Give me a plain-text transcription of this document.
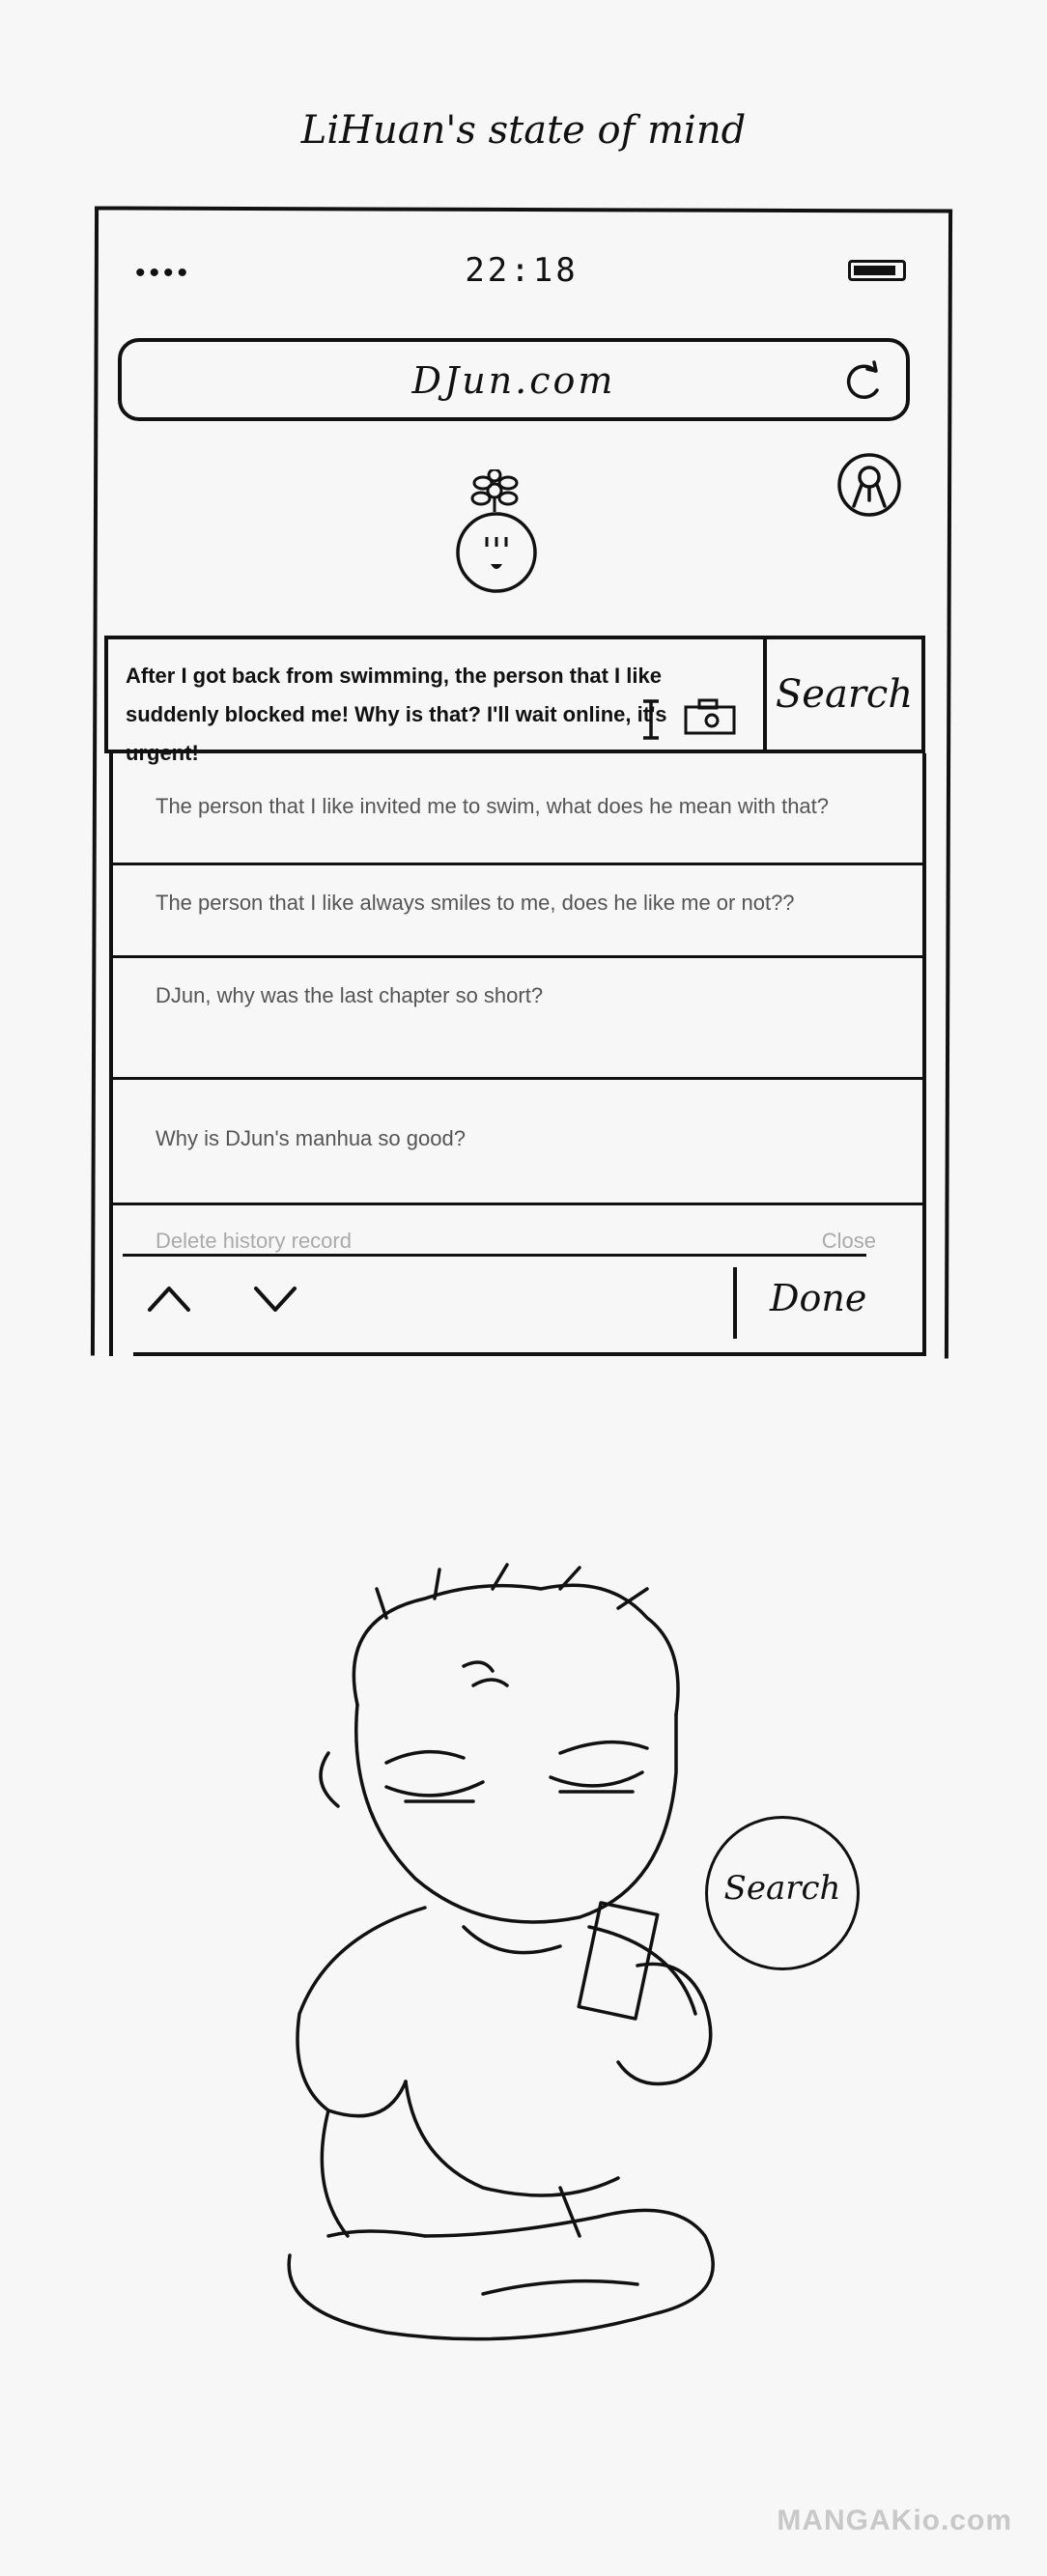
LiHuan's state of mind
••••	22:18
DJun.com
After I got back from swimming, the person that I like suddenly blocked me! Why is that? I'll wait online, it's urgent!
Search
The person that I like invited me to swim, what does he mean with that?
The person that I like always smiles to me, does he like me or not??
DJun, why was the last chapter so short?
Why is DJun's manhua so good?
Delete history record	Close
Done
Search
MANGAKio.com
